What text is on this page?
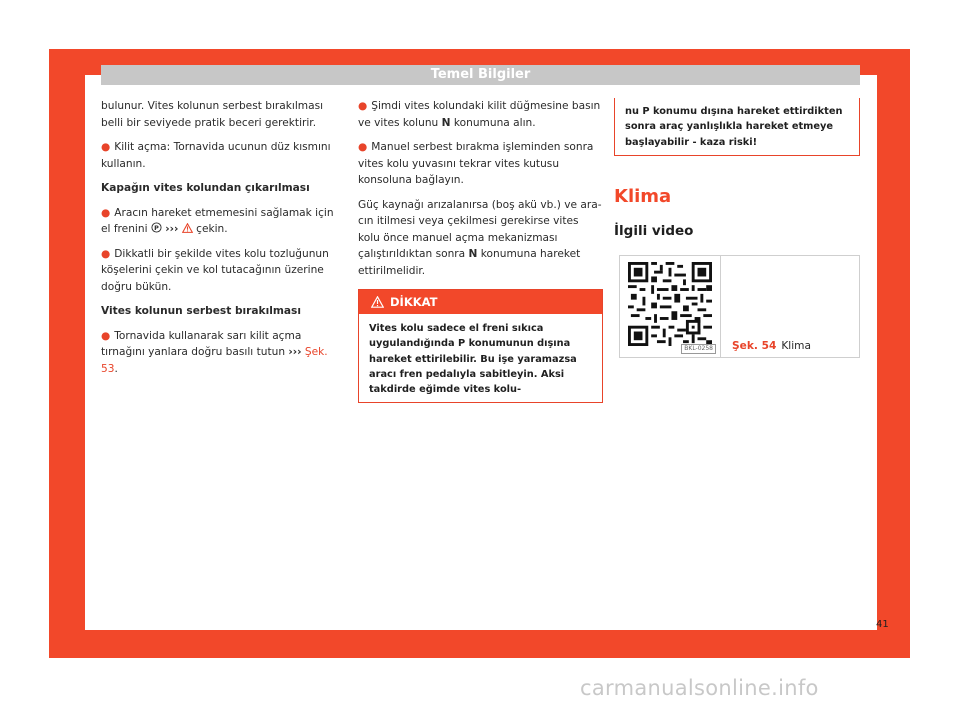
Temel Bilgiler

bulunur. Vites kolunun serbest bırakılması belli bir seviyede pratik beceri gerektirir.

● Kilit açma: Tornavida ucunun düz kısmını kullanın.

Kapağın vites kolundan çıkarılması

● Aracın hareket etmemesini sağlamak için el frenini P ››› çekin.

● Dikkatli bir şekilde vites kolu tozluğunun köşelerini çekin ve kol tutacağının üzerine doğru bükün.

Vites kolunun serbest bırakılması

● Tornavida kullanarak sarı kilit açma tırnağını yanlara doğru basılı tutun ››› Şek. 53.

● Şimdi vites kolundaki kilit düğmesine basın ve vites kolunu N konumuna alın.

● Manuel serbest bırakma işleminden sonra vites kolu yuvasını tekrar vites kutusu konsoluna bağlayın.

Güç kaynağı arızalanırsa (boş akü vb.) ve aracın itilmesi veya çekilmesi gerekirse vites kolu önce manuel açma mekanizması çalıştırıldıktan sonra N konumuna hareket ettirilmelidir.

DİKKAT
Vites kolu sadece el freni sıkıca uygulandığında P konumunun dışına hareket ettirilebilir. Bu işe yaramazsa aracı fren pedalıyla sabitleyin. Aksi takdirde eğimde vites kolu-
nu P konumu dışına hareket ettirdikten sonra araç yanlışlıkla hareket etmeye başlayabilir - kaza riski!
Klima
İlgili video
BKL-0258 Şek. 54 Klima
41
carmanualsonline.info
